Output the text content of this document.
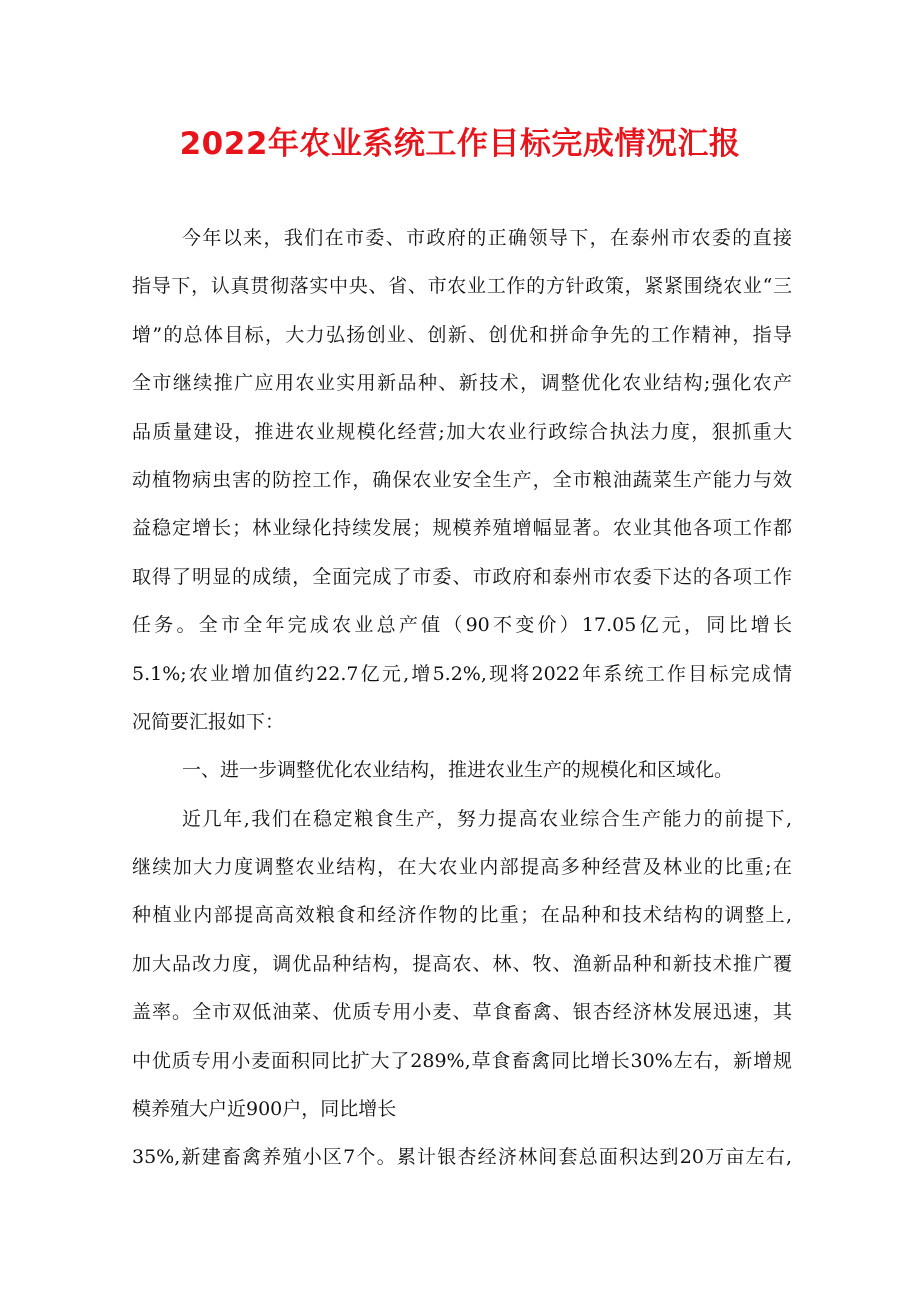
2022年农业系统工作目标完成情况汇报
今年以来，我们在市委、市政府的正确领导下，在泰州市农委的直接
指导下，认真贯彻落实中央、省、市农业工作的方针政策，紧紧围绕农业“三
增”的总体目标，大力弘扬创业、创新、创优和拼命争先的工作精神，指导
全市继续推广应用农业实用新品种、新技术，调整优化农业结构;强化农产
品质量建设，推进农业规模化经营;加大农业行政综合执法力度，狠抓重大
动植物病虫害的防控工作，确保农业安全生产，全市粮油蔬菜生产能力与效
益稳定增长；林业绿化持续发展；规模养殖增幅显著。农业其他各项工作都
取得了明显的成绩，全面完成了市委、市政府和泰州市农委下达的各项工作
任务。全市全年完成农业总产值（90不变价）17.05亿元，同比增长
5.1%;农业增加值约22.7亿元,增5.2%,现将2022年系统工作目标完成情
况简要汇报如下：
一、进一步调整优化农业结构，推进农业生产的规模化和区域化。
近几年,我们在稳定粮食生产，努力提高农业综合生产能力的前提下,
继续加大力度调整农业结构，在大农业内部提高多种经营及林业的比重;在
种植业内部提高高效粮食和经济作物的比重；在品种和技术结构的调整上,
加大品改力度，调优品种结构，提高农、林、牧、渔新品种和新技术推广覆
盖率。全市双低油菜、优质专用小麦、草食畜禽、银杏经济林发展迅速，其
中优质专用小麦面积同比扩大了289%,草食畜禽同比增长30%左右，新增规
模养殖大户近900户，同比增长
35%,新建畜禽养殖小区7个。累计银杏经济林间套总面积达到20万亩左右,
